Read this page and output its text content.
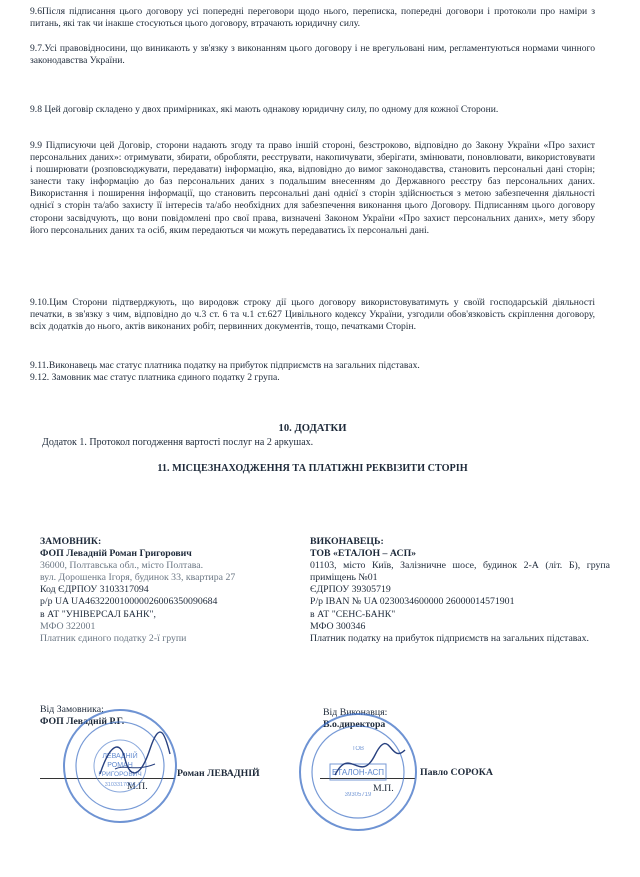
9.6Після підписання цього договору усі попередні переговори щодо нього, переписка, попередні договори і протоколи про наміри з питань, які так чи інакше стосуються цього договору, втрачають юридичну силу.

9.7.Усі правовідносини, що виникають у зв'язку з виконанням цього договору і не врегульовані ним, регламентуються нормами чинного законодавства України.

9.8 Цей договір складено у двох примірниках, які мають однакову юридичну силу, по одному для кожної Сторони.

9.9 Підписуючи цей Договір, сторони надають згоду та право іншій стороні, безстроково, відповідно до Закону України «Про захист персональних даних»: отримувати, збирати, обробляти, реєструвати, накопичувати, зберігати, змінювати, поновлювати, використовувати і поширювати (розповсюджувати, передавати) інформацію, яка, відповідно до вимог законодавства, становить персональні дані сторін; занести таку інформацію до баз персональних даних з подальшим внесенням до Державного реєстру баз персональних даних. Використання і поширення інформації, що становить персональні дані однієї з сторін здійснюється з метою забезпечення діяльності однієї з сторін та/або захисту її інтересів та/або необхідних для забезпечення виконання цього Договору. Підписанням цього договору сторони засвідчують, що вони повідомлені про свої права, визначені Законом України «Про захист персональних даних», мету збору його персональних даних та осіб, яким передаються чи можуть передаватись їх персональні дані.

9.10.Цим Сторони підтверджують, що виродовж строку дії цього договору використовуватимуть у своїй господарській діяльності печатки, в зв'язку з чим, відповідно до ч.3 ст. 6 та ч.1 ст.627 Цивільного кодексу України, узгодили обов'язковість скріплення договору, всіх додатків до нього, актів виконаних робіт, первинних документів, тощо, печатками Сторін.

9.11.Виконавець має статус платника податку на прибуток підприємств на загальних підставах.

9.12. Замовник має статус платника єдиного податку 2 група.

10. ДОДАТКИ
Додаток 1. Протокол погодження вартості послуг на 2 аркушах.
11. МІСЦЕЗНАХОДЖЕННЯ ТА ПЛАТІЖНІ РЕКВІЗИТИ СТОРІН
ЗАМОВНИК:
ФОП Левадній Роман Григорович
36000, Полтавська обл., місто Полтава.
вул. Дорошенка Ігоря, будинок 33, квартира 27
Код ЄДРПОУ 3103317094
р/р UA UA463220010000026006350090684
в АТ "УНІВЕРСАЛ БАНК",
МФО 322001
Платник єдиного податку 2-ї групи
ВИКОНАВЕЦЬ:
ТОВ «ЕТАЛОН – АСП»
01103, місто Київ, Залізничне шосе, будинок 2-А (літ. Б), група приміщень №01
ЄДРПОУ 39305719
Р/р IBAN № UA 0230034600000 26000014571901
в АТ "СЕНС-БАНК"
МФО 300346
Платник податку на прибуток підприємств на загальних підставах.
Від Замовника:
ФОП Левадній Р.Г.
Роман ЛЕВАДНІЙ
М.П.
ЛЕВАДНІЙ
РОМАН
ГРИГОРОВИЧ
3103317094
Від Виконавця:
В.о.директора
Павло СОРОКА
М.П.
ЕТАЛОН-АСП
ТОВ
39305719
